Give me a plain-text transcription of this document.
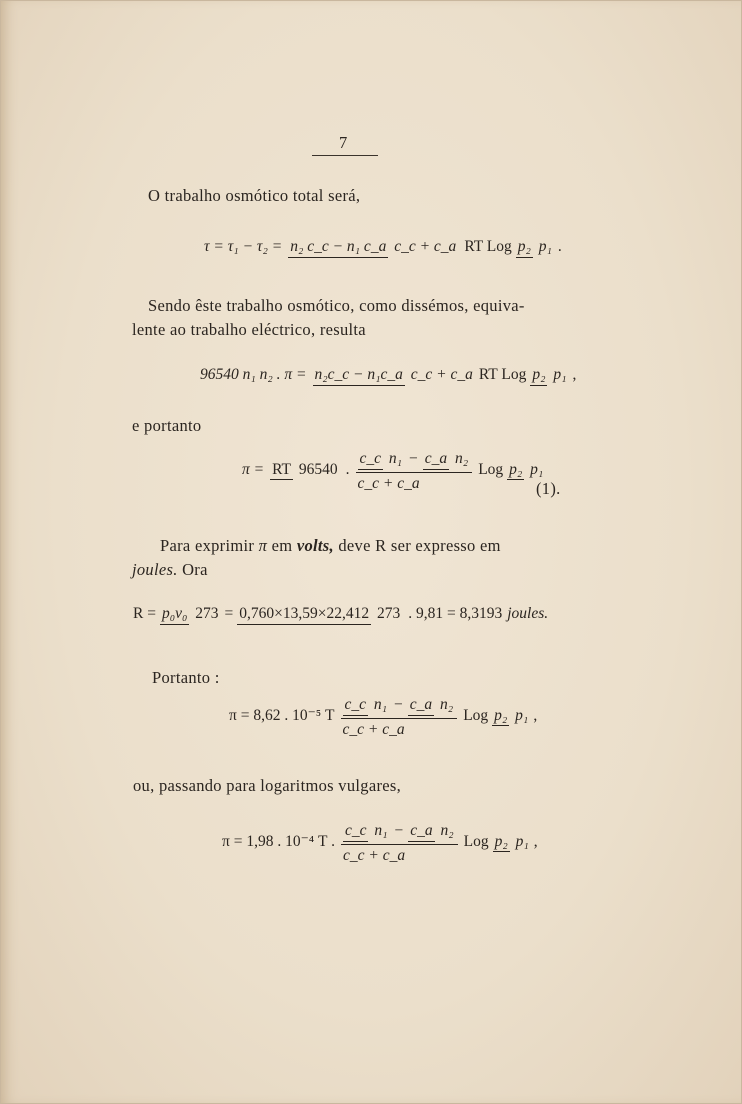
7
O trabalho osmótico total será,
τ = τ₁ − τ₂ = n₂ c_c − n₁ c_a c_c + c_a RT Log p₂ p₁ .
Sendo êste trabalho osmótico, como dissémos, equiva-
lente ao trabalho eléctrico, resulta
96540 n₁ n₂ . π = n₂c_c − n₁c_a c_c + c_a RT Log p₂ p₁ ,
e portanto
π = RT 96540 .
c_c n₁ − c_a n₂
c_c + c_a
Log p₂ p₁
(1).
Para exprimir π em volts, deve R ser expresso em
joules. Ora
R = p₀v₀ 273 = 0,760×13,59×22,412 273 . 9,81 = 8,3193 joules.
Portanto :
π = 8,62 . 10⁻⁵ T
c_c n₁ − c_a n₂
c_c + c_a
Log p₂ p₁ ,
ou, passando para logaritmos vulgares,
π = 1,98 . 10⁻⁴ T .
c_c n₁ − c_a n₂
c_c + c_a
Log p₂ p₁ ,
